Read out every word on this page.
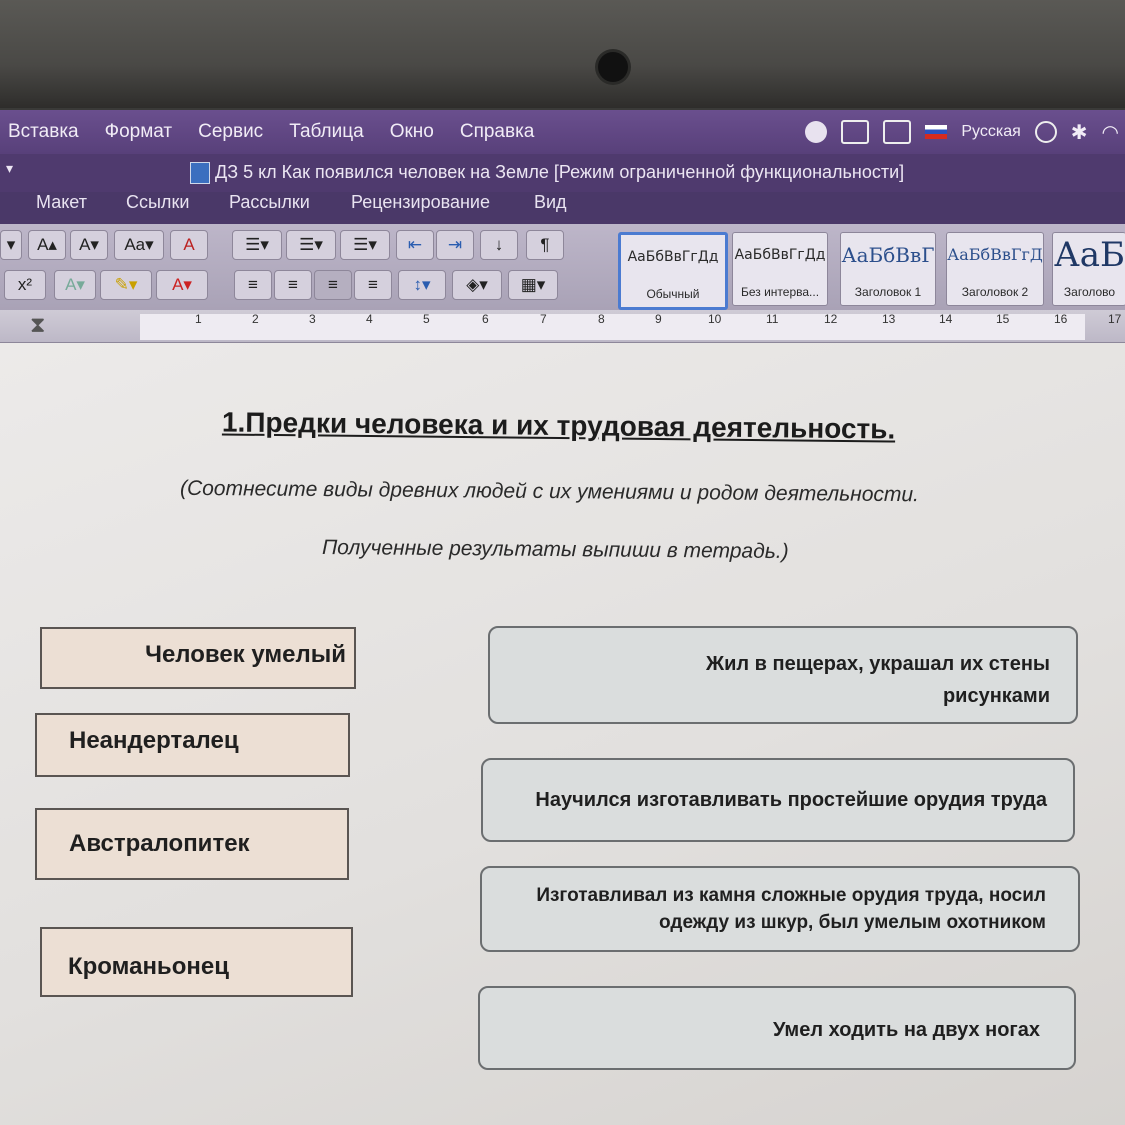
Вставка Формат Сервис Таблица Окно Справка	Русская	✱ ◠
▾	ДЗ 5 кл Как появился человек на Земле [Режим ограниченной функциональности]
Макет Ссылки Рассылки Рецензирование Вид
▾	A▴	A▾	Aa▾	A	☰▾	☰▾	☰▾	⇤	⇥	↓	¶
x²	A▾	✎▾	A▾	≡	≡	≡	≡	↕▾	◈▾	▦▾
АаБбВвГгДд
Обычный
АаБбВвГгДд
Без интерва...
АаБбВвГ
Заголовок 1
АаБбВвГгД
Заголовок 2
АаБ
Заголово
⧗	1	2	3	4	5	6	7	8	9	10	11	12	13	14	15	16	17
1.Предки человека и их трудовая деятельность.
(Соотнесите виды древних людей с их умениями и родом деятельности.
Полученные результаты выпиши в тетрадь.)
Человек умелый
Неандерталец
Австралопитек
Кроманьонец
Жил в пещерах, украшал их стены
рисунками
Научился изготавливать простейшие орудия труда
Изготавливал из камня сложные орудия труда, носил
одежду из шкур, был умелым охотником
Умел ходить на двух ногах
